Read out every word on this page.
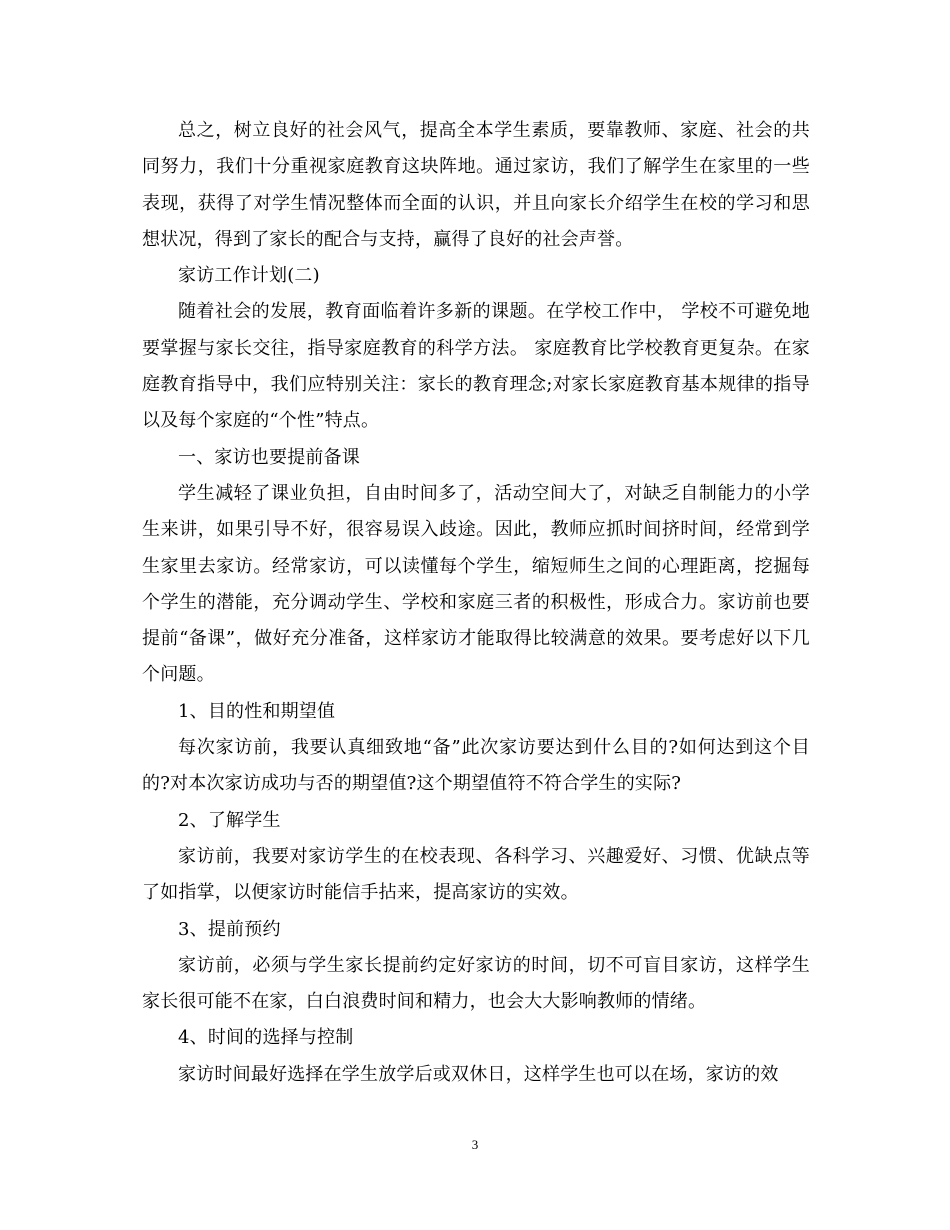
总之，树立良好的社会风气，提高全本学生素质，要靠教师、家庭、社会的共同努力，我们十分重视家庭教育这块阵地。通过家访，我们了解学生在家里的一些表现，获得了对学生情况整体而全面的认识，并且向家长介绍学生在校的学习和思想状况，得到了家长的配合与支持，赢得了良好的社会声誉。

家访工作计划(二)

随着社会的发展，教育面临着许多新的课题。在学校工作中， 学校不可避免地要掌握与家长交往，指导家庭教育的科学方法。 家庭教育比学校教育更复杂。在家庭教育指导中，我们应特别关注：家长的教育理念;对家长家庭教育基本规律的指导以及每个家庭的“个性”特点。

一、家访也要提前备课

学生减轻了课业负担，自由时间多了，活动空间大了，对缺乏自制能力的小学生来讲，如果引导不好，很容易误入歧途。因此，教师应抓时间挤时间，经常到学生家里去家访。经常家访，可以读懂每个学生，缩短师生之间的心理距离，挖掘每个学生的潜能，充分调动学生、学校和家庭三者的积极性，形成合力。家访前也要提前“备课”，做好充分准备，这样家访才能取得比较满意的效果。要考虑好以下几个问题。

1、目的性和期望值

每次家访前，我要认真细致地“备”此次家访要达到什么目的?如何达到这个目的?对本次家访成功与否的期望值?这个期望值符不符合学生的实际?

2、了解学生

家访前，我要对家访学生的在校表现、各科学习、兴趣爱好、习惯、优缺点等了如指掌，以便家访时能信手拈来，提高家访的实效。

3、提前预约

家访前，必须与学生家长提前约定好家访的时间，切不可盲目家访，这样学生家长很可能不在家，白白浪费时间和精力，也会大大影响教师的情绪。

4、时间的选择与控制

家访时间最好选择在学生放学后或双休日，这样学生也可以在场，家访的效

3
